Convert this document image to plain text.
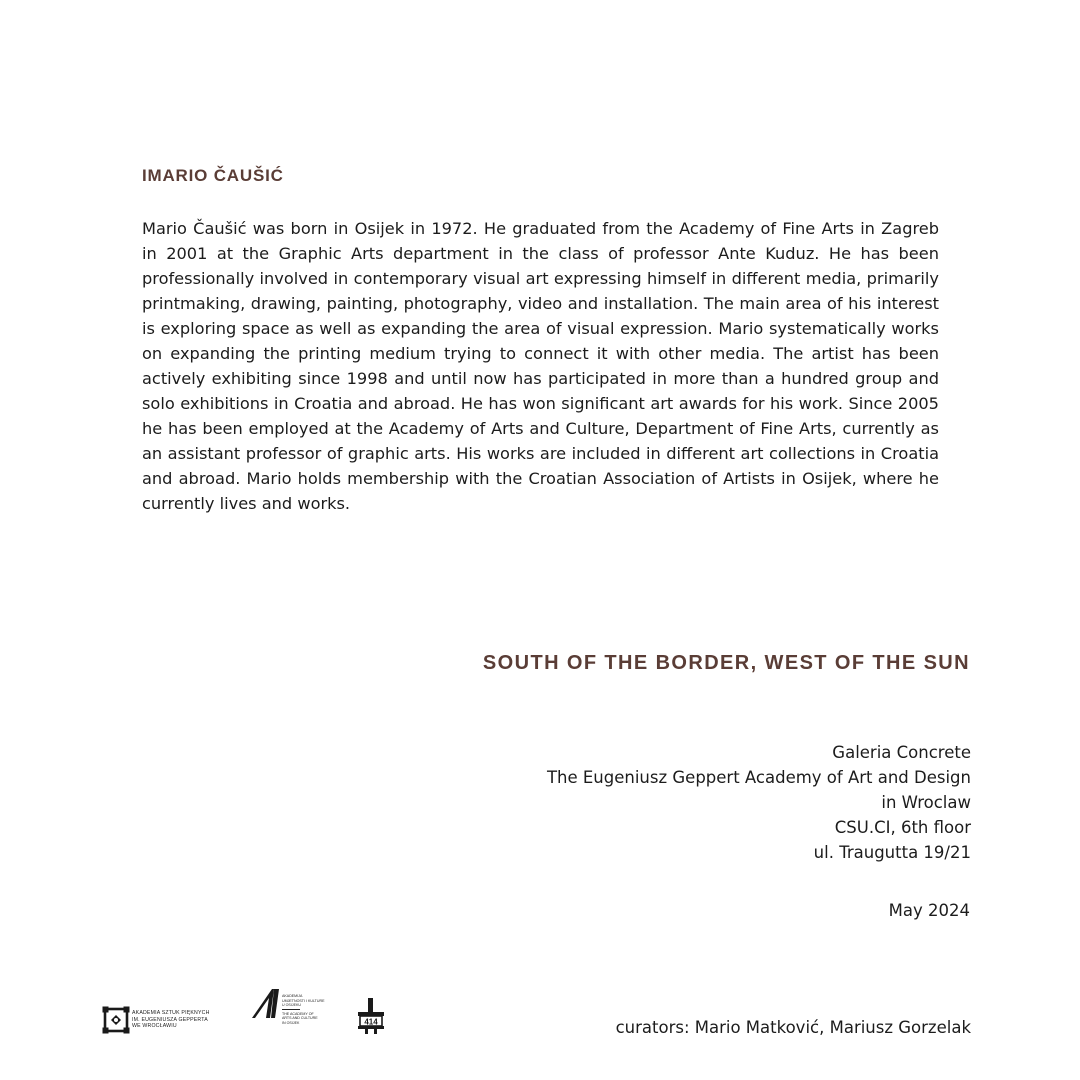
IMARIO ČAUŠIĆ

Mario Čaušić was born in Osijek in 1972. He graduated from the Academy of Fine Arts in Zagreb in 2001 at the Graphic Arts department in the class of professor Ante Kuduz. He has been professionally involved in contemporary visual art expressing himself in different media, primarily printmaking, drawing, painting, photography, video and installation. The main area of his interest is exploring space as well as expanding the area of visual expression. Mario systematically works on expanding the printing medium trying to connect it with other media. The artist has been actively exhibiting since 1998 and until now has participated in more than a hundred group and solo exhibitions in Croatia and abroad. He has won significant art awards for his work. Since 2005 he has been employed at the Academy of Arts and Culture, Department of Fine Arts, currently as an assistant professor of graphic arts. His works are included in different art collections in Croatia and abroad. Mario holds membership with the Croatian Association of Artists in Osijek, where he currently lives and works.

SOUTH OF THE BORDER, WEST OF THE SUN
Galeria Concrete
The Eugeniusz Geppert Academy of Art and Design
in Wroclaw
CSU.CI, 6th floor
ul. Traugutta 19/21
May 2024
curators: Mario Matković, Mariusz Gorzelak
AKADEMIA SZTUK PIĘKNYCH
IM. EUGENIUSZA GEPPERTA
WE WROCŁAWIU
AKADEMIJA
UMJETNOSTI I KULTURE
U OSIJEKU
THE ACADEMY OF
ARTS AND CULTURE
IN OSIJEK	414
